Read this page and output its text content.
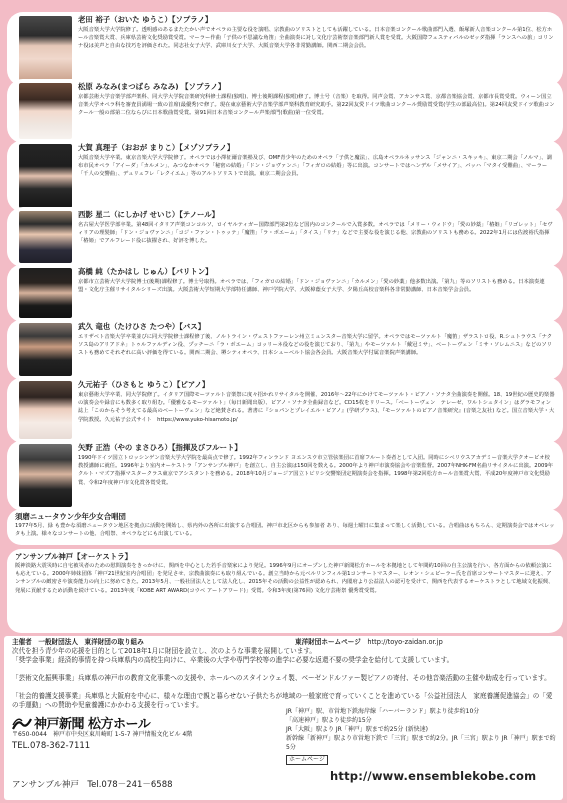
老田 裕子（おいた ゆうこ）【ソプラノ】
大阪音楽大学大学院修了。透明感のあるまたたかい声でオペラの主要な役を演唱、宗教曲のソリストとしても活躍している。日本音楽コンクール歌曲部門入選、飯塚新人音楽コンクール第1位、松方ホール音楽賞大賞、兵庫県芸術文化奨励賞受賞。マーラー作曲「子供の不思議な角笛」全曲演奏に対し文化庁芸術祭音楽部門新人賞を受賞。大阪国際フェスティバルのゼッダ指揮「ランスへの旅」コリンナ役は美声と自由な技巧を評価された。同志社女子大学、武庫川女子大学、大阪音楽大学各非常勤講師。関西二期会会員。
松原 みなみ(まつばら みなみ) 【ソプラノ】
京都芸術大学音楽学部声楽科、同大学大学院音楽研究科修士課程(独唱)、博士後期課程(独唱)修了。博士号（音楽）を取得。同声会賞、アカンサス賞、京都音楽協会賞、京都市長賞受賞。ウィーン国立音楽大学オペラ科を審査員満場一致の首席(最優秀)で修了。現在東京藝術大学音楽学部声楽科教育研究助手。第22回友愛ドイツ歌曲コンクール奨励賞受賞(学生の部最高位)。第24回友愛ドイツ歌曲コンクール一般の部第二位ならびに日本歌曲賞受賞。第91回日本音楽コンクール声楽部門(歌曲)第一位受賞。
大賀 真理子（おおが まりこ）【メゾソプラノ】
大阪音楽大学卒業。東京音楽大学大学院修了。オペラでは小澤征爾音楽塾及び、OMF青少年のためのオペラ「子供と魔法」、広島オペラルネッサンス「ジャンニ・スキッキ」、東京二期会「ノルマ」、調布市民オペラ「アイーダ」「カルメン」、みつなかオペラ「秘密の結婚」「ドン・ジョヴァンニ」「フィガロの結婚」等に出演。コンサートではヘンデル「メサイア」、バッハ「マタイ受難曲」、マーラー「千人の交響曲」、デュリュフレ「レクイエム」等のアルトソリストで出演。東京二期会会員。
西影 星二（にしかげ せいじ）【テノール】
名古屋大学医学部卒業。第48回イタリア声楽コンコルソ、ロイヤルティガー国際部門第2位など国内のコンクールで入賞多数。オペラでは「メリー・ウィドウ」「愛の妙薬」「椿姫」「リゴレット」「セヴィリアの理髪師」「ドン・ジョヴァンニ」「コジ・ファン・トゥッテ」「魔笛」「ラ・ボエーム」「タイス」「リナ」などで主要な役を演じる他、宗教曲のソリストも務める。2022年1月には佐渡裕氏指揮「椿姫」でアルフレード役に抜擢され、好評を博した。
高橋 純（たかはし じゅん）【バリトン】
京都市立芸術大学大学院博士(後期)課程修了。博士号取得。オペラでは、「フィガロの結婚」「ドン・ジョヴァンニ」「カルメン」「愛の妙薬」他多数出演。「第九」等のソリストも務める。日本演奏連盟・文化庁主催リサイタルシリーズ出演。大阪芸術大学短期大学部特任講師、神戸学院大学、大阪樟蔭女子大学、夕陽丘高校音楽科各非常勤講師、日本音楽学会会員。
武久 竜也（たけひさ たつや）【バス】
エリザベト音楽大学卒業並びに同大学院修士課程修了後、ノルトライン・ヴェストファーレン州立ミュンスター音楽大学に留学。オペラではモーツァルト「魔笛」ザラストロ役、R.シュトラウス「ナクソス島のアリアドネ」トゥルファルディン役、プッチーニ「ラ・ボエーム」コッリーネ役などの役を演じており、「第九」やモーツァルト「戴冠ミサ」、ベートーヴェン「ミサ・ソレムニス」などのソリストも務めてそれぞれに高い評価を得ている。関西二期会、堺シティオペラ、日本シューベルト協会各会員。大阪音楽大学付属音楽院声楽講師。
久元祐子（ひさもと ゆうこ）【ピアノ】
東京藝術大学卒業、同大学院修了。イタリア国際モーツァルト音楽祭に度々招かれリサイタルを開催、2016年～22年にかけてモーツァルト・ピアノ・ソナタ全曲演奏を開催。18、19世紀の歴史的楽器の演奏会や録音にも数多く取り組む。「優雅なるモーツァルト」（毎日新聞出版）、ピアノ・ソナタ全曲録音など。CD15枚をリリース。「ベートーヴェン　テレーゼ、ワルトシュタイン」はグラモフォン誌上「このからそう考えてる最高のベートーヴェン」など絶賛される。著書に『ショパンとプレイエル・ピアノ』(学研プラス)、『モーツァルトのピアノ音楽研究』(音楽之友社) など。国立音楽大学・大学院教授。久元祐子公式サイト　https://www.yuko-hisamoto.jp/
矢野 正浩（やの まさひろ）【指揮及びフルート】
1990年ドイツ国立トロッシンゲン音楽大学大学院を最高点で修了。1992年フィンランド ヨエンスウ市立管弦楽団に首席フルート奏者として入団。同時にシベリウスアカデミー音楽大学クオーピオ校教授講師に就任。1996年より室内オーケストラ「アンサンブル神戸」を創立し、自主公演は150回を数える。2000年より神戸市演奏協会や音楽監督。2007年NHK-FM名曲リサイタルに出演。2009年クルト・マズア指揮マスタークラス東京でアシスタントを務める。2018年10月ジョージア国立トビリシ交響楽団定期演奏会を指揮。1998年第2回松方ホール音楽賞大賞、平成20年度神戸市文化奨励賞、令和2年度神戸市文化賞各賞受賞。
須磨ニュータウン少年少女合唱団
1977年5月、緑 も豊かな須磨ニュータウン地区を拠点に活動を開始し、県内外の各所に出演する合唱団。神戸市北区からも参加者 あり、毎週土曜日に集まって楽しく活動している。合唱曲はもちろん、定期演奏会ではオペレッタも上演。様々なコンサートの他、合唱祭、オペラなどにも出演している。
アンサンブル神戸【オーケストラ】
阪神淡路大震災時に自宅被災者のための慰問演奏をきっかけに、関西を中心とした若手音楽家により発足。1996年9月にオープンした神戸新聞松方ホールを本拠地として年間約10回の自主公演を行い、各方面からの依頼公演にも応えている。2000年姉妹団体「神戸21世紀室内合唱団」を発足させ、宗教曲演奏にも取り組んでいる。創立当時から元ベルリンフィル第1コンサートマスター、レオン・シュピーラー氏を首席コンサートマスターに迎え、アンサンブルの緻密さや演奏能力の向上に努めてきた。2013年5月、一般社団法人として法人化し、2015年その活動の公益性が認められ、内閣府より公益法人の認可を受けて、関西を代表するオーケストラとして地域文化振興、発展に貢献するため活動を続けている。2013年度「KOBE ART AWARD(コウベ アートアワード)」受賞。令和3年度(第76回) 文化庁芸術祭 優秀賞受賞。
主催者　 一般財団法人　東洋財団の取り組み	東洋財団ホームページ　 http://toyo-zaidan.or.jp
次代を担う青少年の応援を目的として2018年1月に財団を設立し、次のような事業を展開しています。
「奨学金事業」経済的事情を持つ兵庫県内の高校生向けに、卒業後の大学や専門学校等の進学に必要な返還不要の奨学金を給付して支援しています。
「芸術文化振興事業」兵庫県の神戸市の教育文化事業への支援や、ホールへのスタインウェイ製、ベーゼンドルファー製ピアノの寄付、その他音楽活動の主催や助成を行っています。
「社会的養護支援事業」兵庫県と大阪府を中心に、様々な理由で親と暮らせない子供たちが地域の一般家庭で育っていくことを進めている「公益社団法人　家庭養護促進協会」の「愛の手運動」への賛助や児童養護にかかわる支援を行っています。
神戸新聞 松方ホール
〒650-0044　神戸市中央区東川崎町 1-5-7 神戸情報文化ビル 4階
TEL.078-362-7111
アンサンブル神戸　Tel.078－241－6588
JR「神戸」駅、市営地下鉄海岸線「ハーバーランド」駅より徒歩約10分
「高速神戸」駅より徒歩約15分
JR「大阪」駅より JR「神戸」駅まで約25分 (新快速)
新幹線「新神戸」駅より市営地下鉄で「三宮」駅まで約2分。JR「三宮」駅より JR「神戸」駅まで約5分
ホームページ
http://www.ensemblekobe.com
